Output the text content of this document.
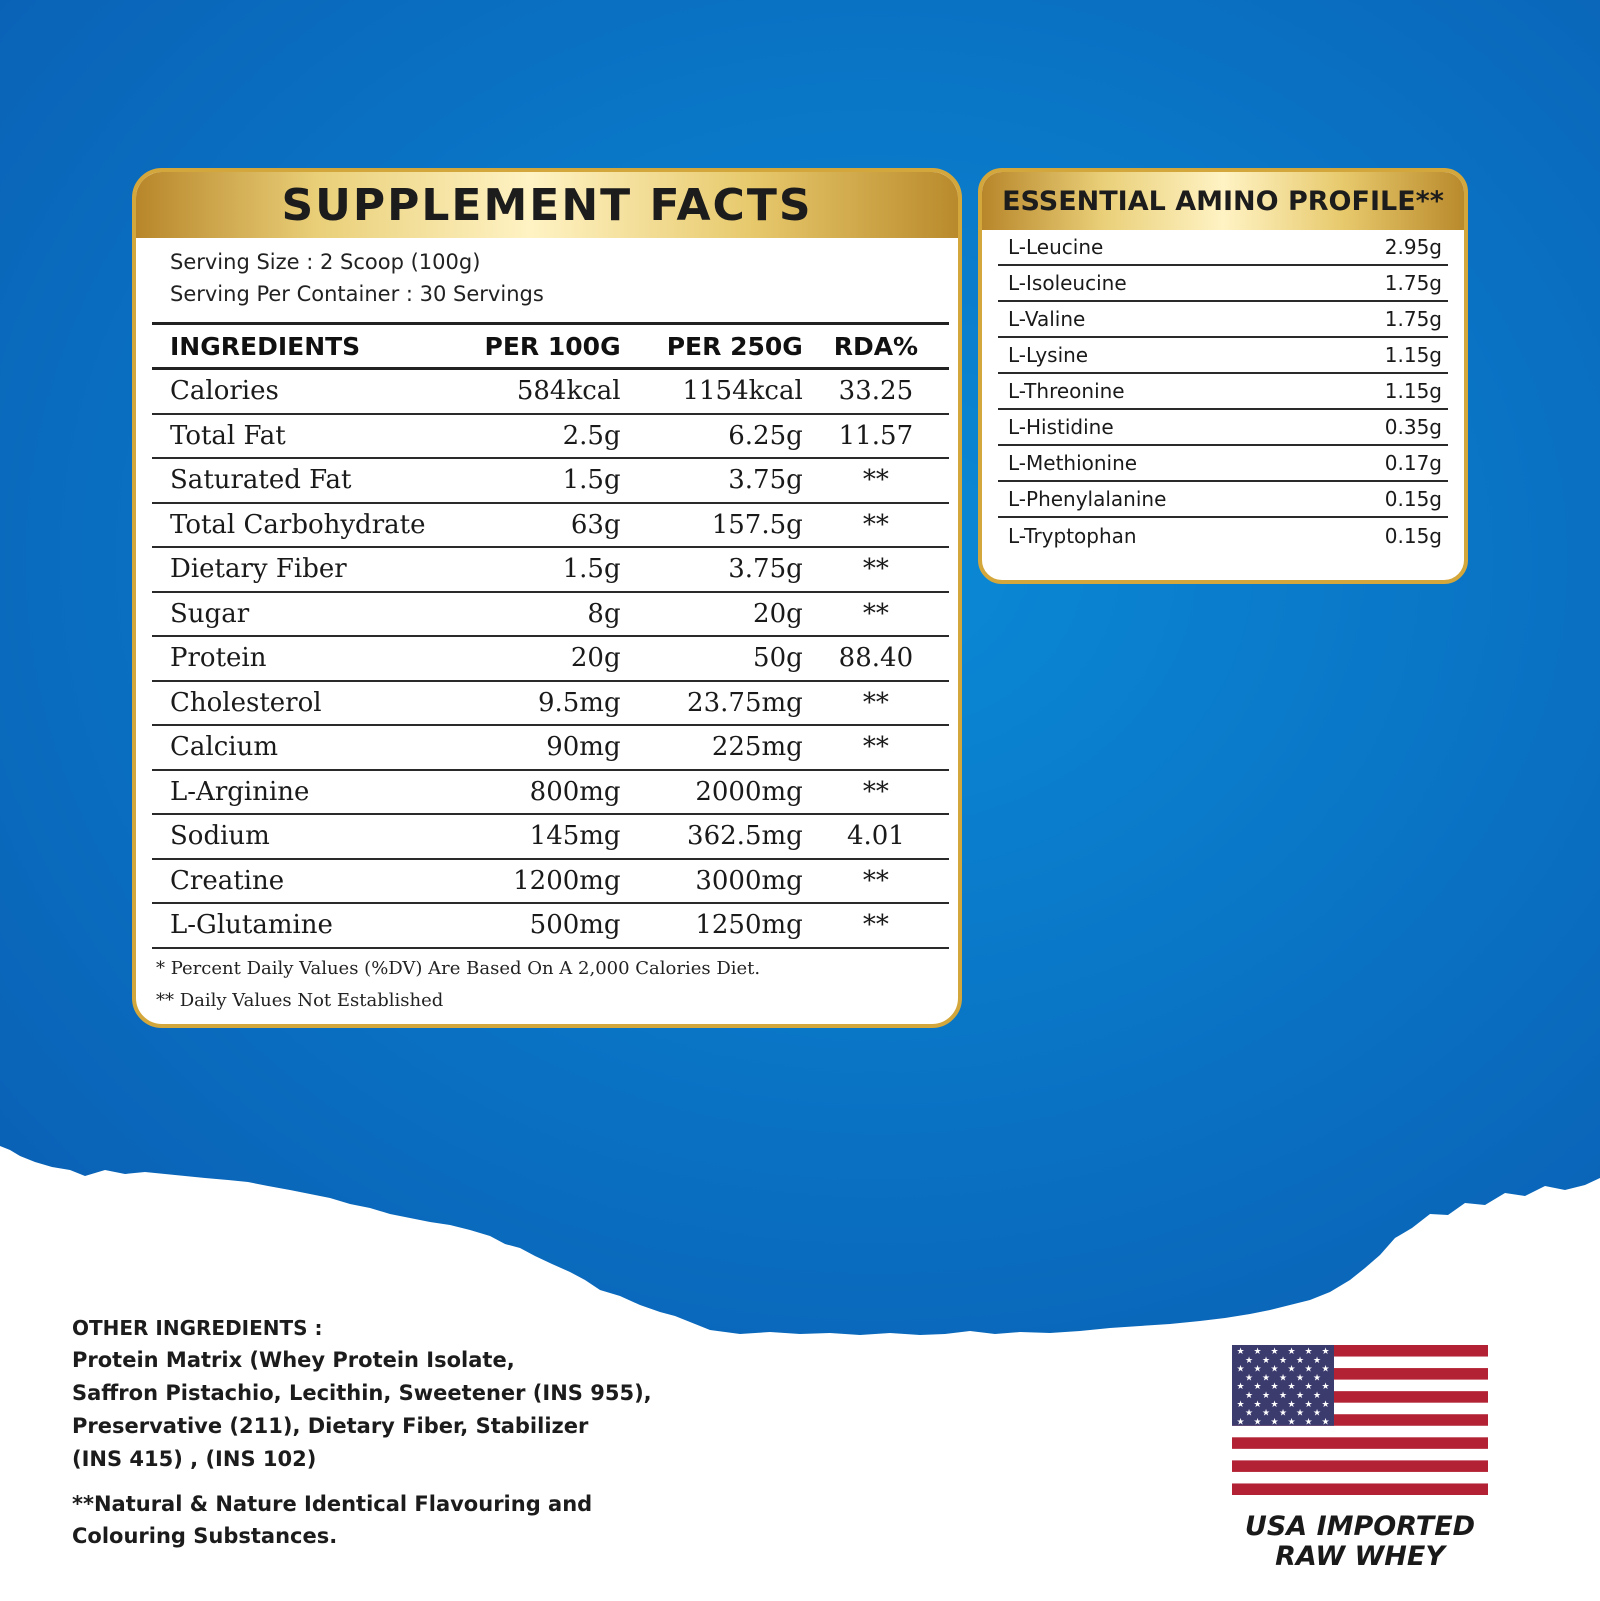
SUPPLEMENT FACTS
Serving Size : 2 Scoop (100g)
Serving Per Container : 30 Servings
INGREDIENTS	PER 100G	PER 250G	RDA%
Calories	584kcal	1154kcal	33.25
Total Fat	2.5g	6.25g	11.57
Saturated Fat	1.5g	3.75g	**
Total Carbohydrate	63g	157.5g	**
Dietary Fiber	1.5g	3.75g	**
Sugar	8g	20g	**
Protein	20g	50g	88.40
Cholesterol	9.5mg	23.75mg	**
Calcium	90mg	225mg	**
L-Arginine	800mg	2000mg	**
Sodium	145mg	362.5mg	4.01
Creatine	1200mg	3000mg	**
L-Glutamine	500mg	1250mg	**
* Percent Daily Values (%DV) Are Based On A 2,000 Calories Diet.
** Daily Values Not Established
ESSENTIAL AMINO PROFILE**
L-Leucine	2.95g
L-Isoleucine	1.75g
L-Valine	1.75g
L-Lysine	1.15g
L-Threonine	1.15g
L-Histidine	0.35g
L-Methionine	0.17g
L-Phenylalanine	0.15g
L-Tryptophan	0.15g
OTHER INGREDIENTS :
Protein Matrix (Whey Protein Isolate,
Saffron Pistachio, Lecithin, Sweetener (INS 955),
Preservative (211), Dietary Fiber, Stabilizer
(INS 415) , (INS 102)
**Natural & Nature Identical Flavouring and
Colouring Substances.
★ ★ ★ ★ ★ ★
★ ★ ★ ★ ★
★ ★ ★ ★ ★ ★
★ ★ ★ ★ ★
★ ★ ★ ★ ★ ★
★ ★ ★ ★ ★
★ ★ ★ ★ ★ ★
★ ★ ★ ★ ★
★ ★ ★ ★ ★ ★
USA IMPORTED
RAW WHEY
